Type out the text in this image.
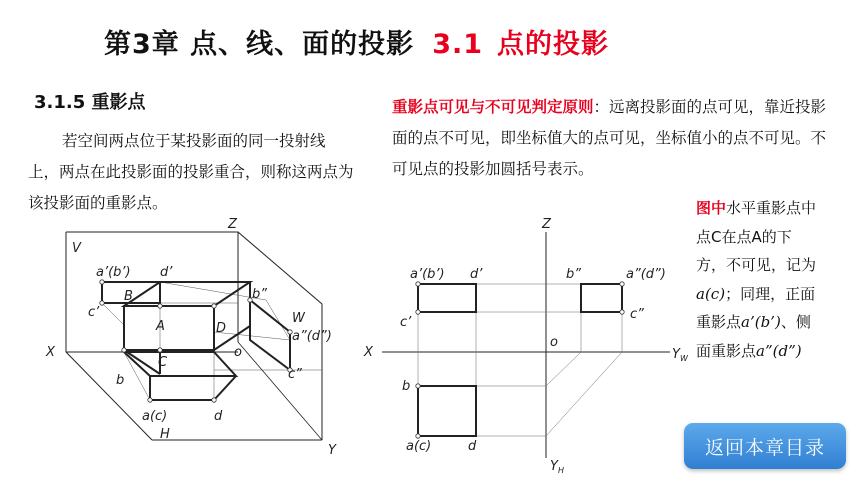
第3章 点、线、面的投影 3.1 点的投影
3.1.5 重影点
若空间两点位于某投影面的同一投射线上，两点在此投影面的投影重合，则称这两点为该投影面的重影点。
重影点可见与不可见判定原则：远离投影面的点可见，靠近投影面的点不可见，即坐标值大的点可见，坐标值小的点不可见。不可见点的投影加圆括号表示。
图中水平重影点中点C在点A的下方，不可见，记为a(c)；同理，正面重影点a’(b’)、侧面重影点a”(d”)
V
Z
W
H
X
Y
o
a’(b’) d’
c’
b”
a”(d”)
c”
B
A	D
C
b
a(c)	d
Z
X
o
$Y_W$
$Y_H$
a’(b’) d’
c’
b”	a”(d”)
c”
b
a(c)	d	返回本章目录
